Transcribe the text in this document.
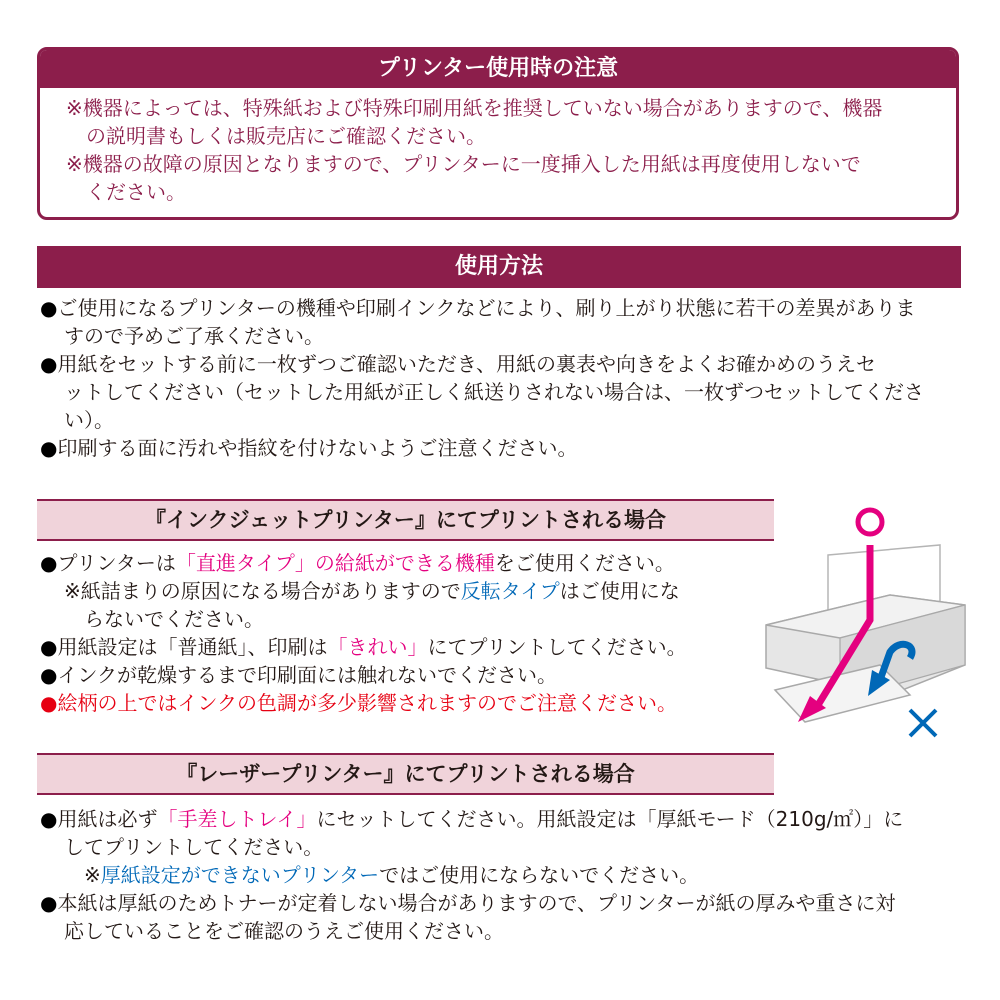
プリンター使用時の注意
※機器によっては、特殊紙および特殊印刷用紙を推奨していない場合がありますので、機器
の説明書もしくは販売店にご確認ください。
※機器の故障の原因となりますので、プリンターに一度挿入した用紙は再度使用しないで
ください。
使用方法
●ご使用になるプリンターの機種や印刷インクなどにより、刷り上がり状態に若干の差異がありま
すので予めご了承ください。
●用紙をセットする前に一枚ずつご確認いただき、用紙の裏表や向きをよくお確かめのうえセ
ットしてください（セットした用紙が正しく紙送りされない場合は、一枚ずつセットしてくださ
い）。
●印刷する面に汚れや指紋を付けないようご注意ください。
『インクジェットプリンター』にてプリントされる場合
●プリンターは「直進タイプ」の給紙ができる機種をご使用ください。
※紙詰まりの原因になる場合がありますので反転タイプはご使用にな
らないでください。
●用紙設定は「普通紙」、印刷は「きれい」にてプリントしてください。
●インクが乾燥するまで印刷面には触れないでください。
●絵柄の上ではインクの色調が多少影響されますのでご注意ください。
『レーザープリンター』にてプリントされる場合
●用紙は必ず「手差しトレイ」にセットしてください。用紙設定は「厚紙モード（210g/㎡）」に
してプリントしてください。
※厚紙設定ができないプリンターではご使用にならないでください。
●本紙は厚紙のためトナーが定着しない場合がありますので、プリンターが紙の厚みや重さに対
応していることをご確認のうえご使用ください。
